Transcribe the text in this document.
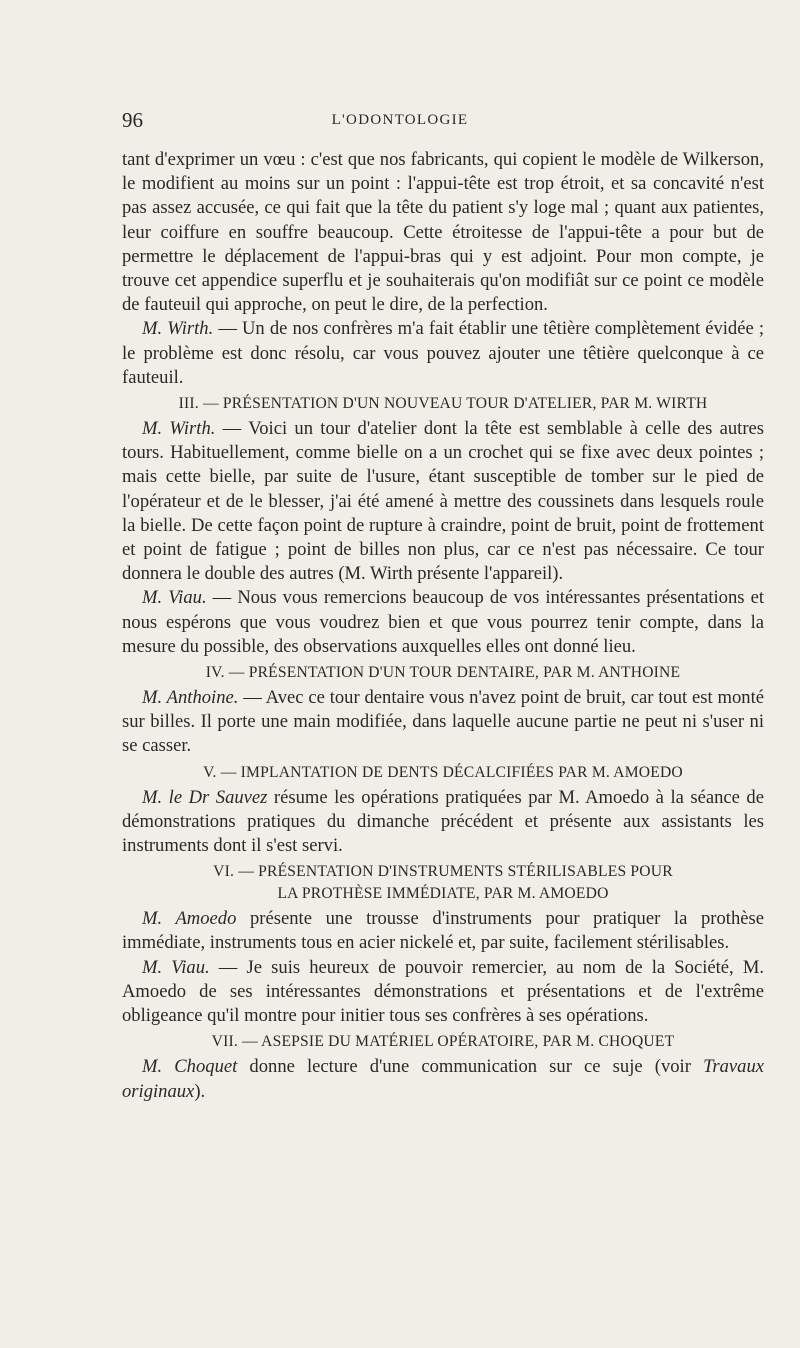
96	L'ODONTOLOGIE

tant d'exprimer un vœu : c'est que nos fabricants, qui copient le modèle de Wilkerson, le modifient au moins sur un point : l'appui-tête est trop étroit, et sa concavité n'est pas assez accusée, ce qui fait que la tête du patient s'y loge mal ; quant aux patientes, leur coiffure en souffre beaucoup. Cette étroitesse de l'appui-tête a pour but de permettre le déplacement de l'appui-bras qui y est adjoint. Pour mon compte, je trouve cet appendice superflu et je souhaiterais qu'on modifiât sur ce point ce modèle de fauteuil qui approche, on peut le dire, de la perfection.

M. Wirth. — Un de nos confrères m'a fait établir une têtière complètement évidée ; le problème est donc résolu, car vous pouvez ajouter une têtière quelconque à ce fauteuil.

III. — PRÉSENTATION D'UN NOUVEAU TOUR D'ATELIER, PAR M. WIRTH

M. Wirth. — Voici un tour d'atelier dont la tête est semblable à celle des autres tours. Habituellement, comme bielle on a un crochet qui se fixe avec deux pointes ; mais cette bielle, par suite de l'usure, étant susceptible de tomber sur le pied de l'opérateur et de le blesser, j'ai été amené à mettre des coussinets dans lesquels roule la bielle. De cette façon point de rupture à craindre, point de bruit, point de frottement et point de fatigue ; point de billes non plus, car ce n'est pas nécessaire. Ce tour donnera le double des autres (M. Wirth présente l'appareil).

M. Viau. — Nous vous remercions beaucoup de vos intéressantes présentations et nous espérons que vous voudrez bien et que vous pourrez tenir compte, dans la mesure du possible, des observations auxquelles elles ont donné lieu.

IV. — PRÉSENTATION D'UN TOUR DENTAIRE, PAR M. ANTHOINE

M. Anthoine. — Avec ce tour dentaire vous n'avez point de bruit, car tout est monté sur billes. Il porte une main modifiée, dans laquelle aucune partie ne peut ni s'user ni se casser.

V. — IMPLANTATION DE DENTS DÉCALCIFIÉES PAR M. AMOEDO

M. le Dr Sauvez résume les opérations pratiquées par M. Amoedo à la séance de démonstrations pratiques du dimanche précédent et présente aux assistants les instruments dont il s'est servi.

VI. — PRÉSENTATION D'INSTRUMENTS STÉRILISABLES POUR
LA PROTHÈSE IMMÉDIATE, PAR M. AMOEDO

M. Amoedo présente une trousse d'instruments pour pratiquer la prothèse immédiate, instruments tous en acier nickelé et, par suite, facilement stérilisables.

M. Viau. — Je suis heureux de pouvoir remercier, au nom de la Société, M. Amoedo de ses intéressantes démonstrations et présentations et de l'extrême obligeance qu'il montre pour initier tous ses confrères à ses opérations.

VII. — ASEPSIE DU MATÉRIEL OPÉRATOIRE, PAR M. CHOQUET

M. Choquet donne lecture d'une communication sur ce suje (voir Travaux originaux).
